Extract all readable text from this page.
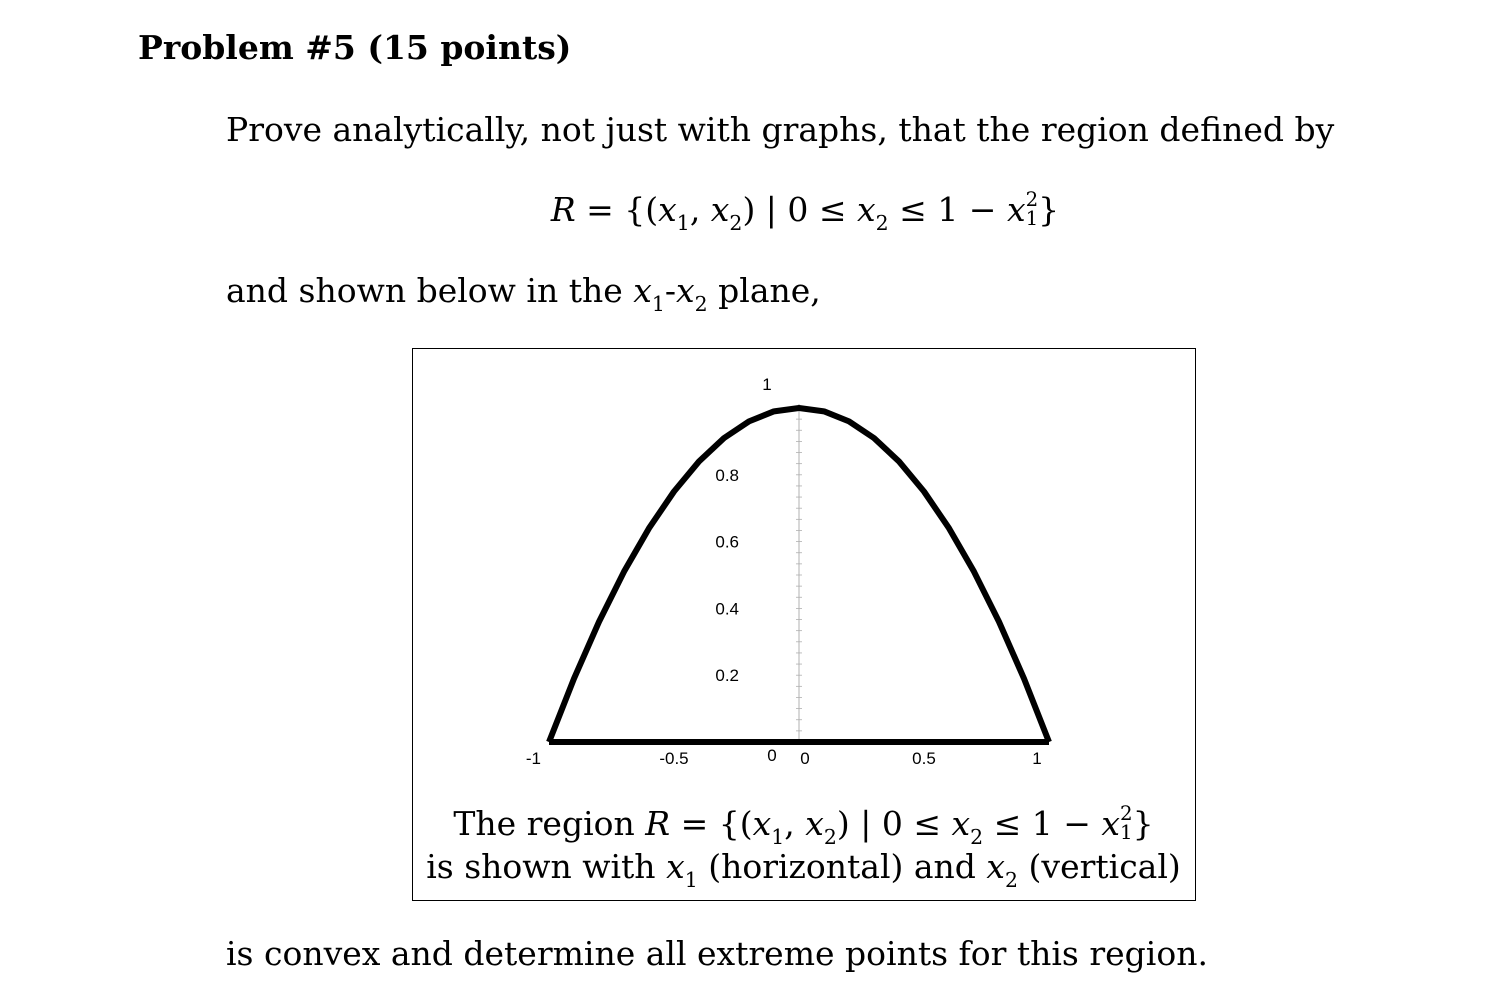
Problem #5 (15 points)
Prove analytically, not just with graphs, that the region defined by
$R = \{(x_1$, $x_2$) | $0 \le x_2 \le 1 - x$ 2
1 }
and shown below in the $x_1-x_2$ plane,
-1	-0.5	0	0.5	1
0
0.2
0.4
0.6
0.8
1
The region $R = \{(x_1$, $x_2$) | $0 \le x_2 \le 1 - x$ 2
1 }
is shown with $x_1$ (horizontal) and $x_2$ (vertical)
is convex and determine all extreme points for this region.
